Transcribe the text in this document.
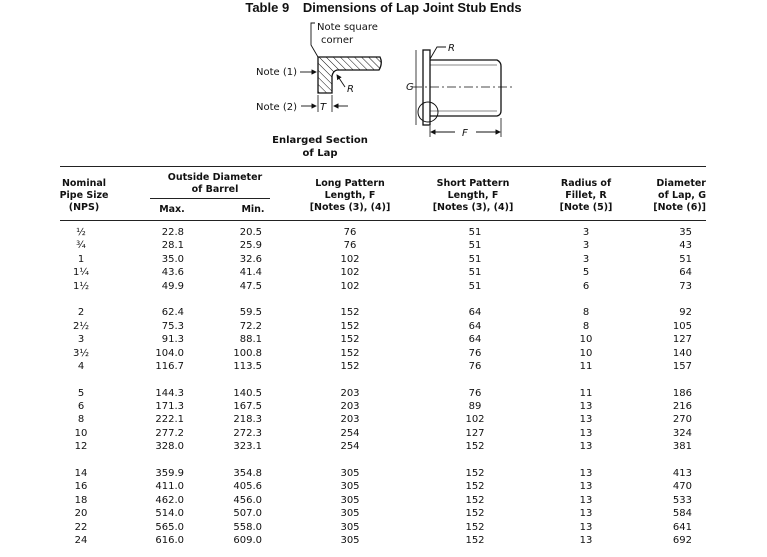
Table 9 Dimensions of Lap Joint Stub Ends
Note square
corner
Note (1)
R
Note (2) T
R
G
F
Enlarged Section
of Lap
Nominal
Pipe Size
(NPS)
Outside Diameter
of Barrel
Max.	Min.
Long Pattern
Length, F
[Notes (3), (4)]
Short Pattern
Length, F
[Notes (3), (4)]
Radius of
Fillet, R
[Note (5)]
Diameter
of Lap, G
[Note (6)]
½
¾
1
1¼
1½
2
2½
3
3½
4
5
6
8
10
12
14
16
18
20
22
24
22.8
28.1
35.0
43.6
49.9
62.4
75.3
91.3
104.0
116.7
144.3
171.3
222.1
277.2
328.0
359.9
411.0
462.0
514.0
565.0
616.0
20.5
25.9
32.6
41.4
47.5
59.5
72.2
88.1
100.8
113.5
140.5
167.5
218.3
272.3
323.1
354.8
405.6
456.0
507.0
558.0
609.0
76
76
102
102
102
152
152
152
152
152
203
203
203
254
254
305
305
305
305
305
305
51
51
51
51
51
64
64
64
76
76
76
89
102
127
152
152
152
152
152
152
152
3
3
3
5
6
8
8
10
10
11
11
13
13
13
13
13
13
13
13
13
13
35
43
51
64
73
92
105
127
140
157
186
216
270
324
381
413
470
533
584
641
692
